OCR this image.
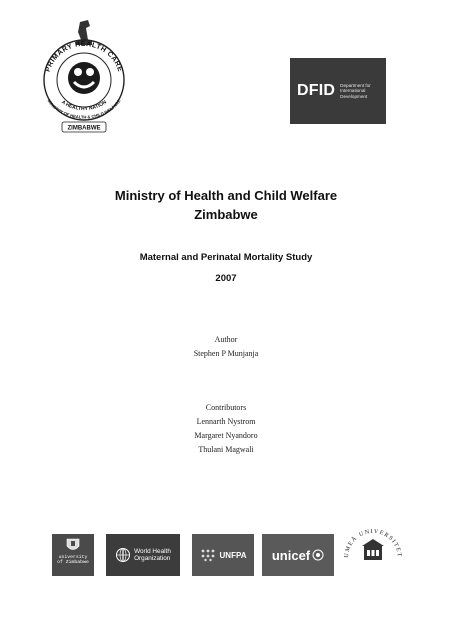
PRIMARY HEALTH CARE
A HEALTHY NATION
MINISTRY OF HEALTH & CHILD WELFARE
ZIMBABWE
DFID Department for
International
Development
Ministry of Health and Child Welfare
Zimbabwe
Maternal and Perinatal Mortality Study
2007
Author
Stephen P Munjanja
Contributors
Lennarth Nystrom
Margaret Nyandoro
Thulani Magwali
university
of Zimbabwe
World Health
Organization	UNFPA unicef	UMEÅ UNIVERSITET
